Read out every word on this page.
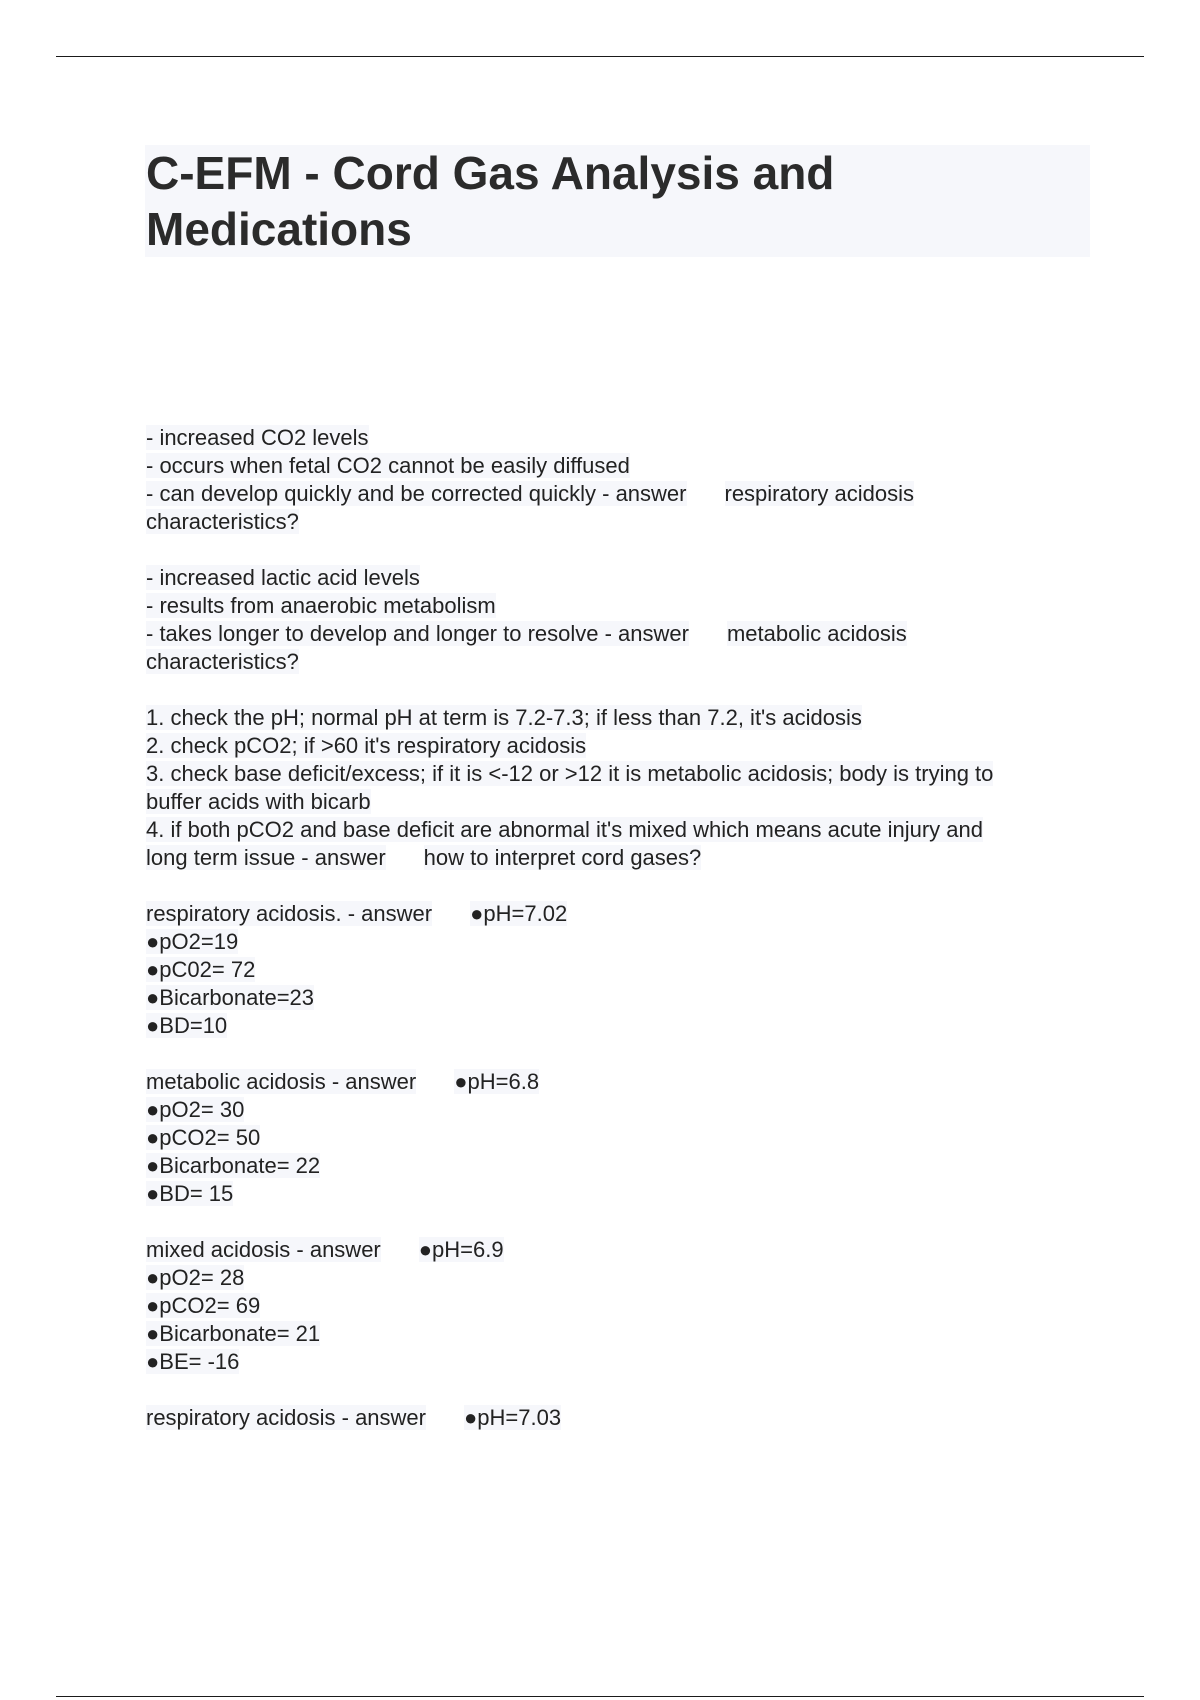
C-EFM - Cord Gas Analysis and Medications
- increased CO2 levels
- occurs when fetal CO2 cannot be easily diffused
- can develop quickly and be corrected quickly - answer respiratory acidosis
characteristics?
- increased lactic acid levels
- results from anaerobic metabolism
- takes longer to develop and longer to resolve - answer metabolic acidosis
characteristics?
1. check the pH; normal pH at term is 7.2-7.3; if less than 7.2, it's acidosis
2. check pCO2; if >60 it's respiratory acidosis
3. check base deficit/excess; if it is <-12 or >12 it is metabolic acidosis; body is trying to
buffer acids with bicarb
4. if both pCO2 and base deficit are abnormal it's mixed which means acute injury and
long term issue - answer how to interpret cord gases?
respiratory acidosis. - answer ●pH=7.02
●pO2=19
●pC02= 72
●Bicarbonate=23
●BD=10
metabolic acidosis - answer ●pH=6.8
●pO2= 30
●pCO2= 50
●Bicarbonate= 22
●BD= 15
mixed acidosis - answer ●pH=6.9
●pO2= 28
●pCO2= 69
●Bicarbonate= 21
●BE= -16
respiratory acidosis - answer ●pH=7.03
